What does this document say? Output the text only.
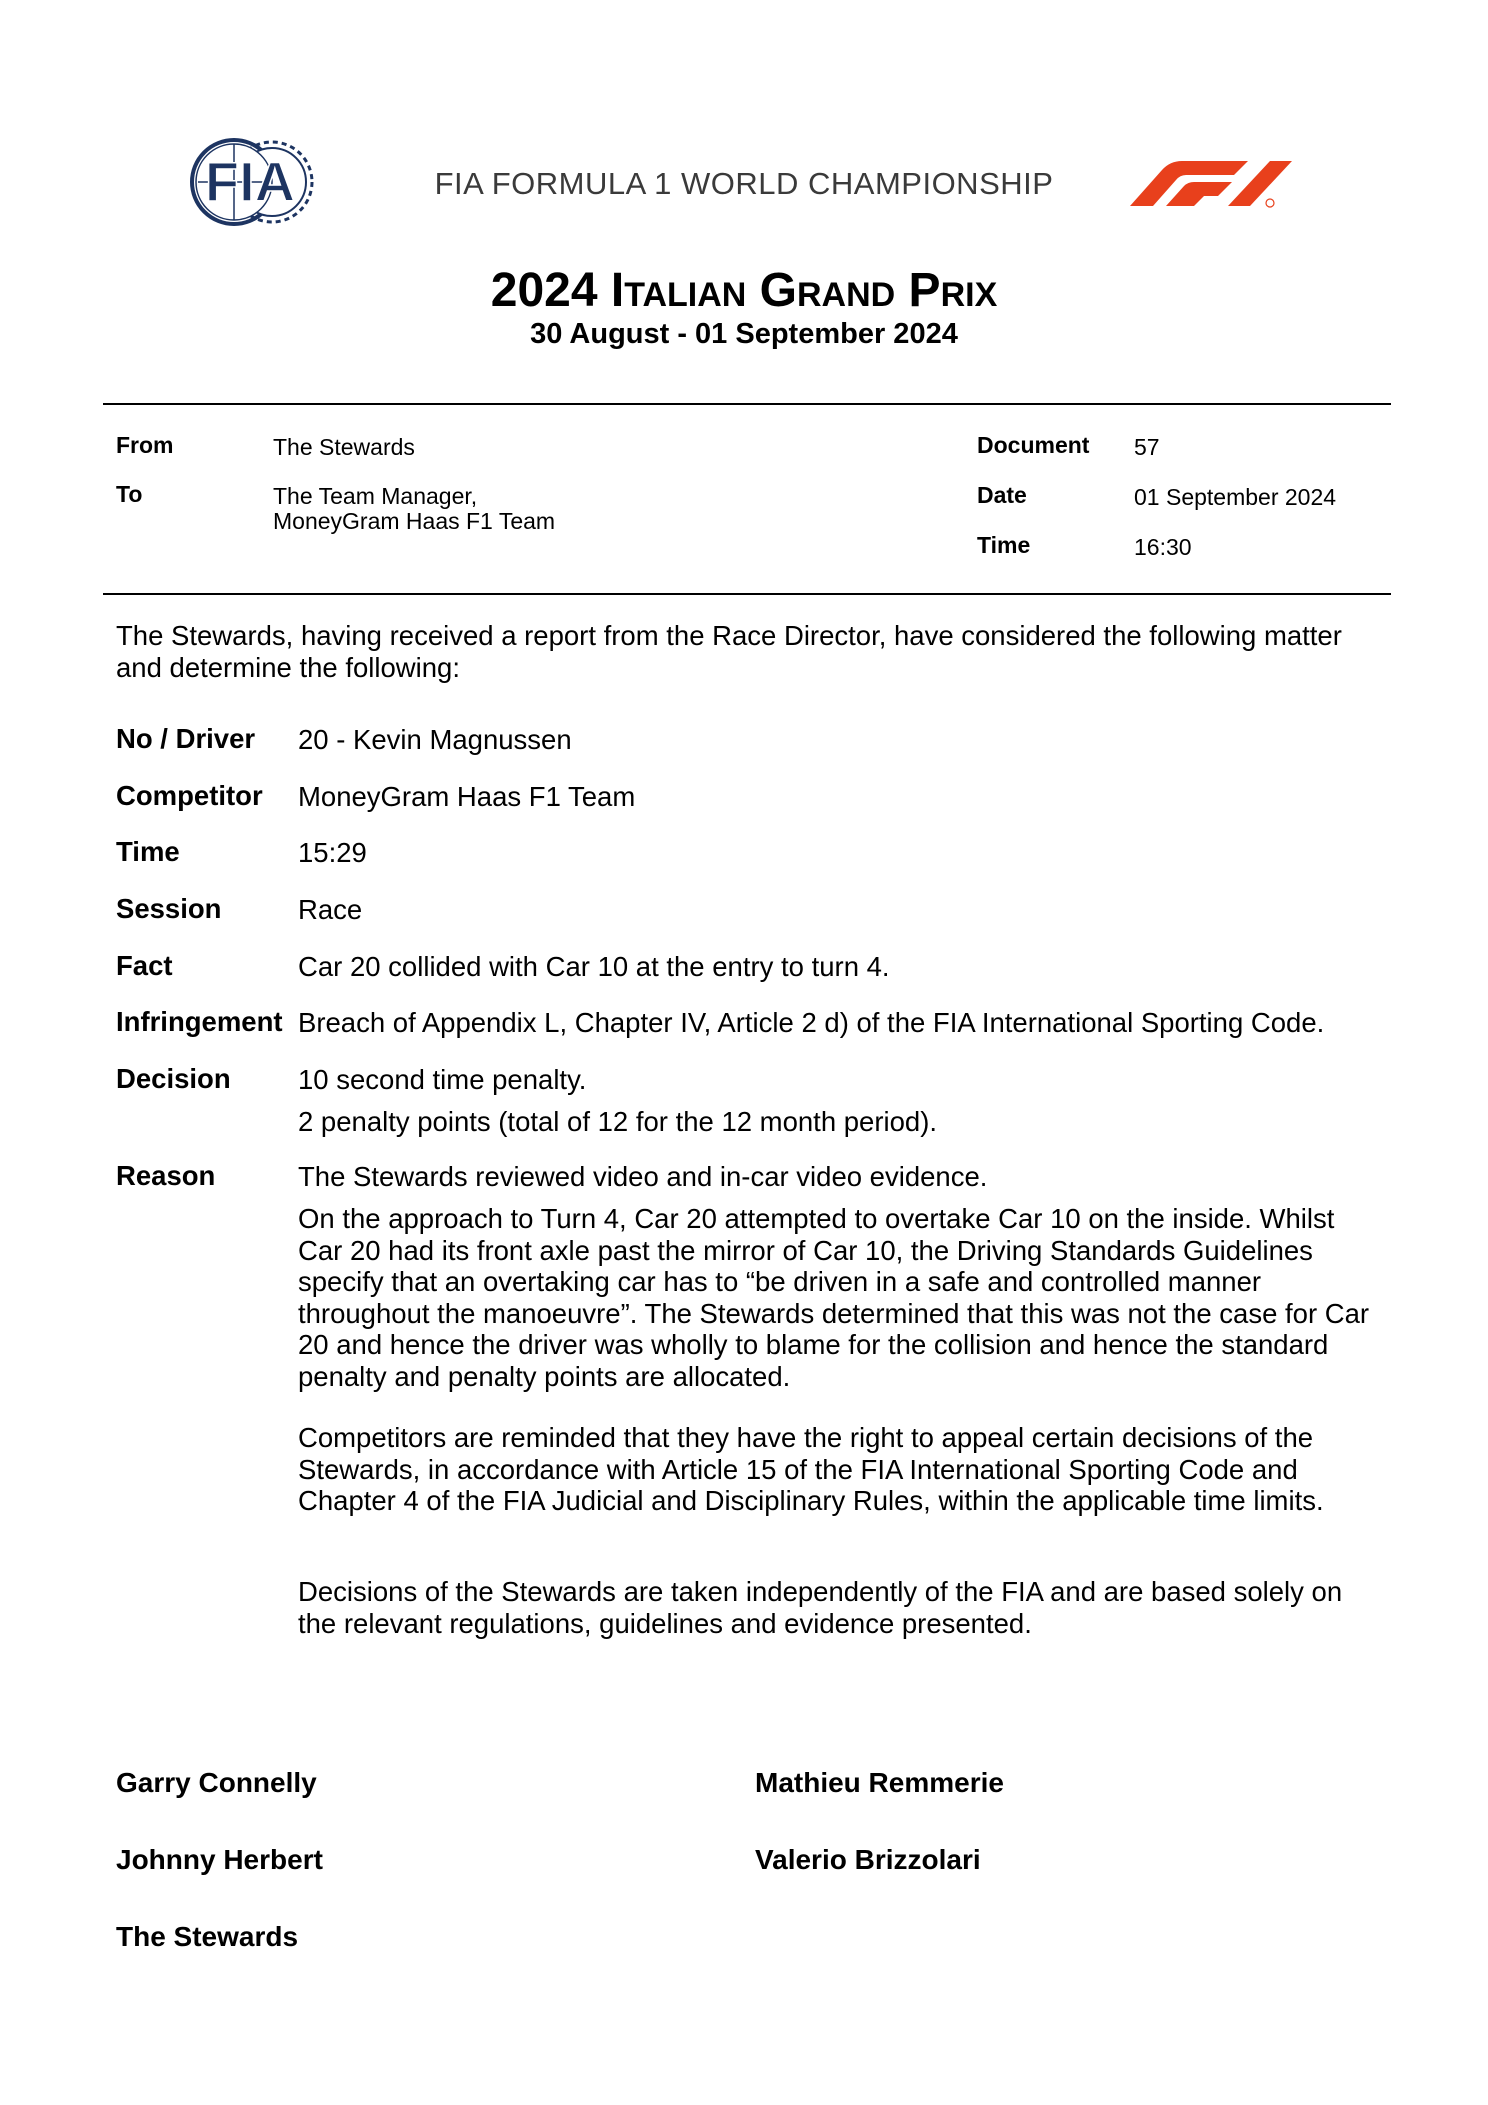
FIA	FIA FORMULA 1 WORLD CHAMPIONSHIP
2024 Italian Grand Prix
30 August - 01 September 2024
From	The Stewards
To	The Team Manager,
MoneyGram Haas F1 Team
Document 57
Date	01 September 2024
Time	16:30
The Stewards, having received a report from the Race Director, have considered the following matter and determine the following:
No / Driver 20 - Kevin Magnussen
Competitor MoneyGram Haas F1 Team
Time	15:29
Session	Race
Fact	Car 20 collided with Car 10 at the entry to turn 4.
Infringement Breach of Appendix L, Chapter IV, Article 2 d) of the FIA International Sporting Code.
Decision 10 second time penalty.
2 penalty points (total of 12 for the 12 month period).
Reason	The Stewards reviewed video and in-car video evidence.
On the approach to Turn 4, Car 20 attempted to overtake Car 10 on the inside. Whilst Car 20 had its front axle past the mirror of Car 10, the Driving Standards Guidelines specify that an overtaking car has to “be driven in a safe and controlled manner throughout the manoeuvre”. The Stewards determined that this was not the case for Car 20 and hence the driver was wholly to blame for the collision and hence the standard penalty and penalty points are allocated.
Competitors are reminded that they have the right to appeal certain decisions of the Stewards, in accordance with Article 15 of the FIA International Sporting Code and Chapter 4 of the FIA Judicial and Disciplinary Rules, within the applicable time limits.
Decisions of the Stewards are taken independently of the FIA and are based solely on the relevant regulations, guidelines and evidence presented.
Garry Connelly	Mathieu Remmerie
Johnny Herbert	Valerio Brizzolari
The Stewards
